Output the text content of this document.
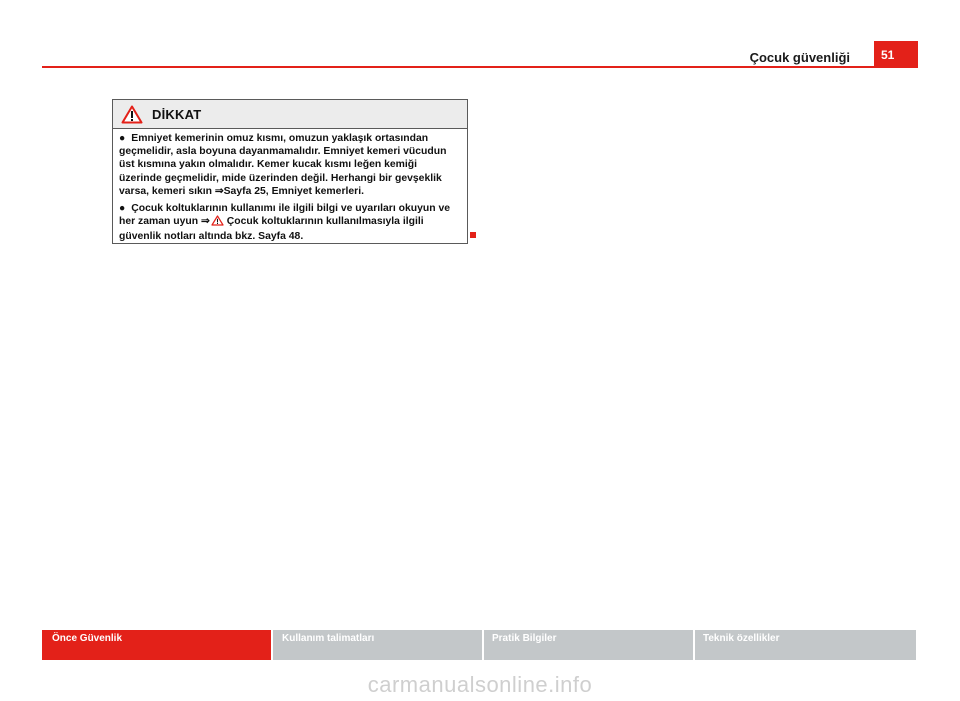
Çocuk güvenliği	51
DİKKAT

● Emniyet kemerinin omuz kısmı, omuzun yaklaşık ortasından geçmelidir, asla boyuna dayanmamalıdır. Emniyet kemeri vücudun üst kısmına yakın olmalıdır. Kemer kucak kısmı leğen kemiği üzerinde geçmelidir, mide üzerinden değil. Herhangi bir gevşeklik varsa, kemeri sıkın ⇒Sayfa 25, Emniyet kemerleri.

● Çocuk koltuklarının kullanımı ile ilgili bilgi ve uyarıları okuyun ve her zaman uyun ⇒ Çocuk koltuklarının kullanılmasıyla ilgili güvenlik notları altında bkz. Sayfa 48.

Önce Güvenlik	Kullanım talimatları	Pratik Bilgiler	Teknik özellikler
carmanualsonline.info
